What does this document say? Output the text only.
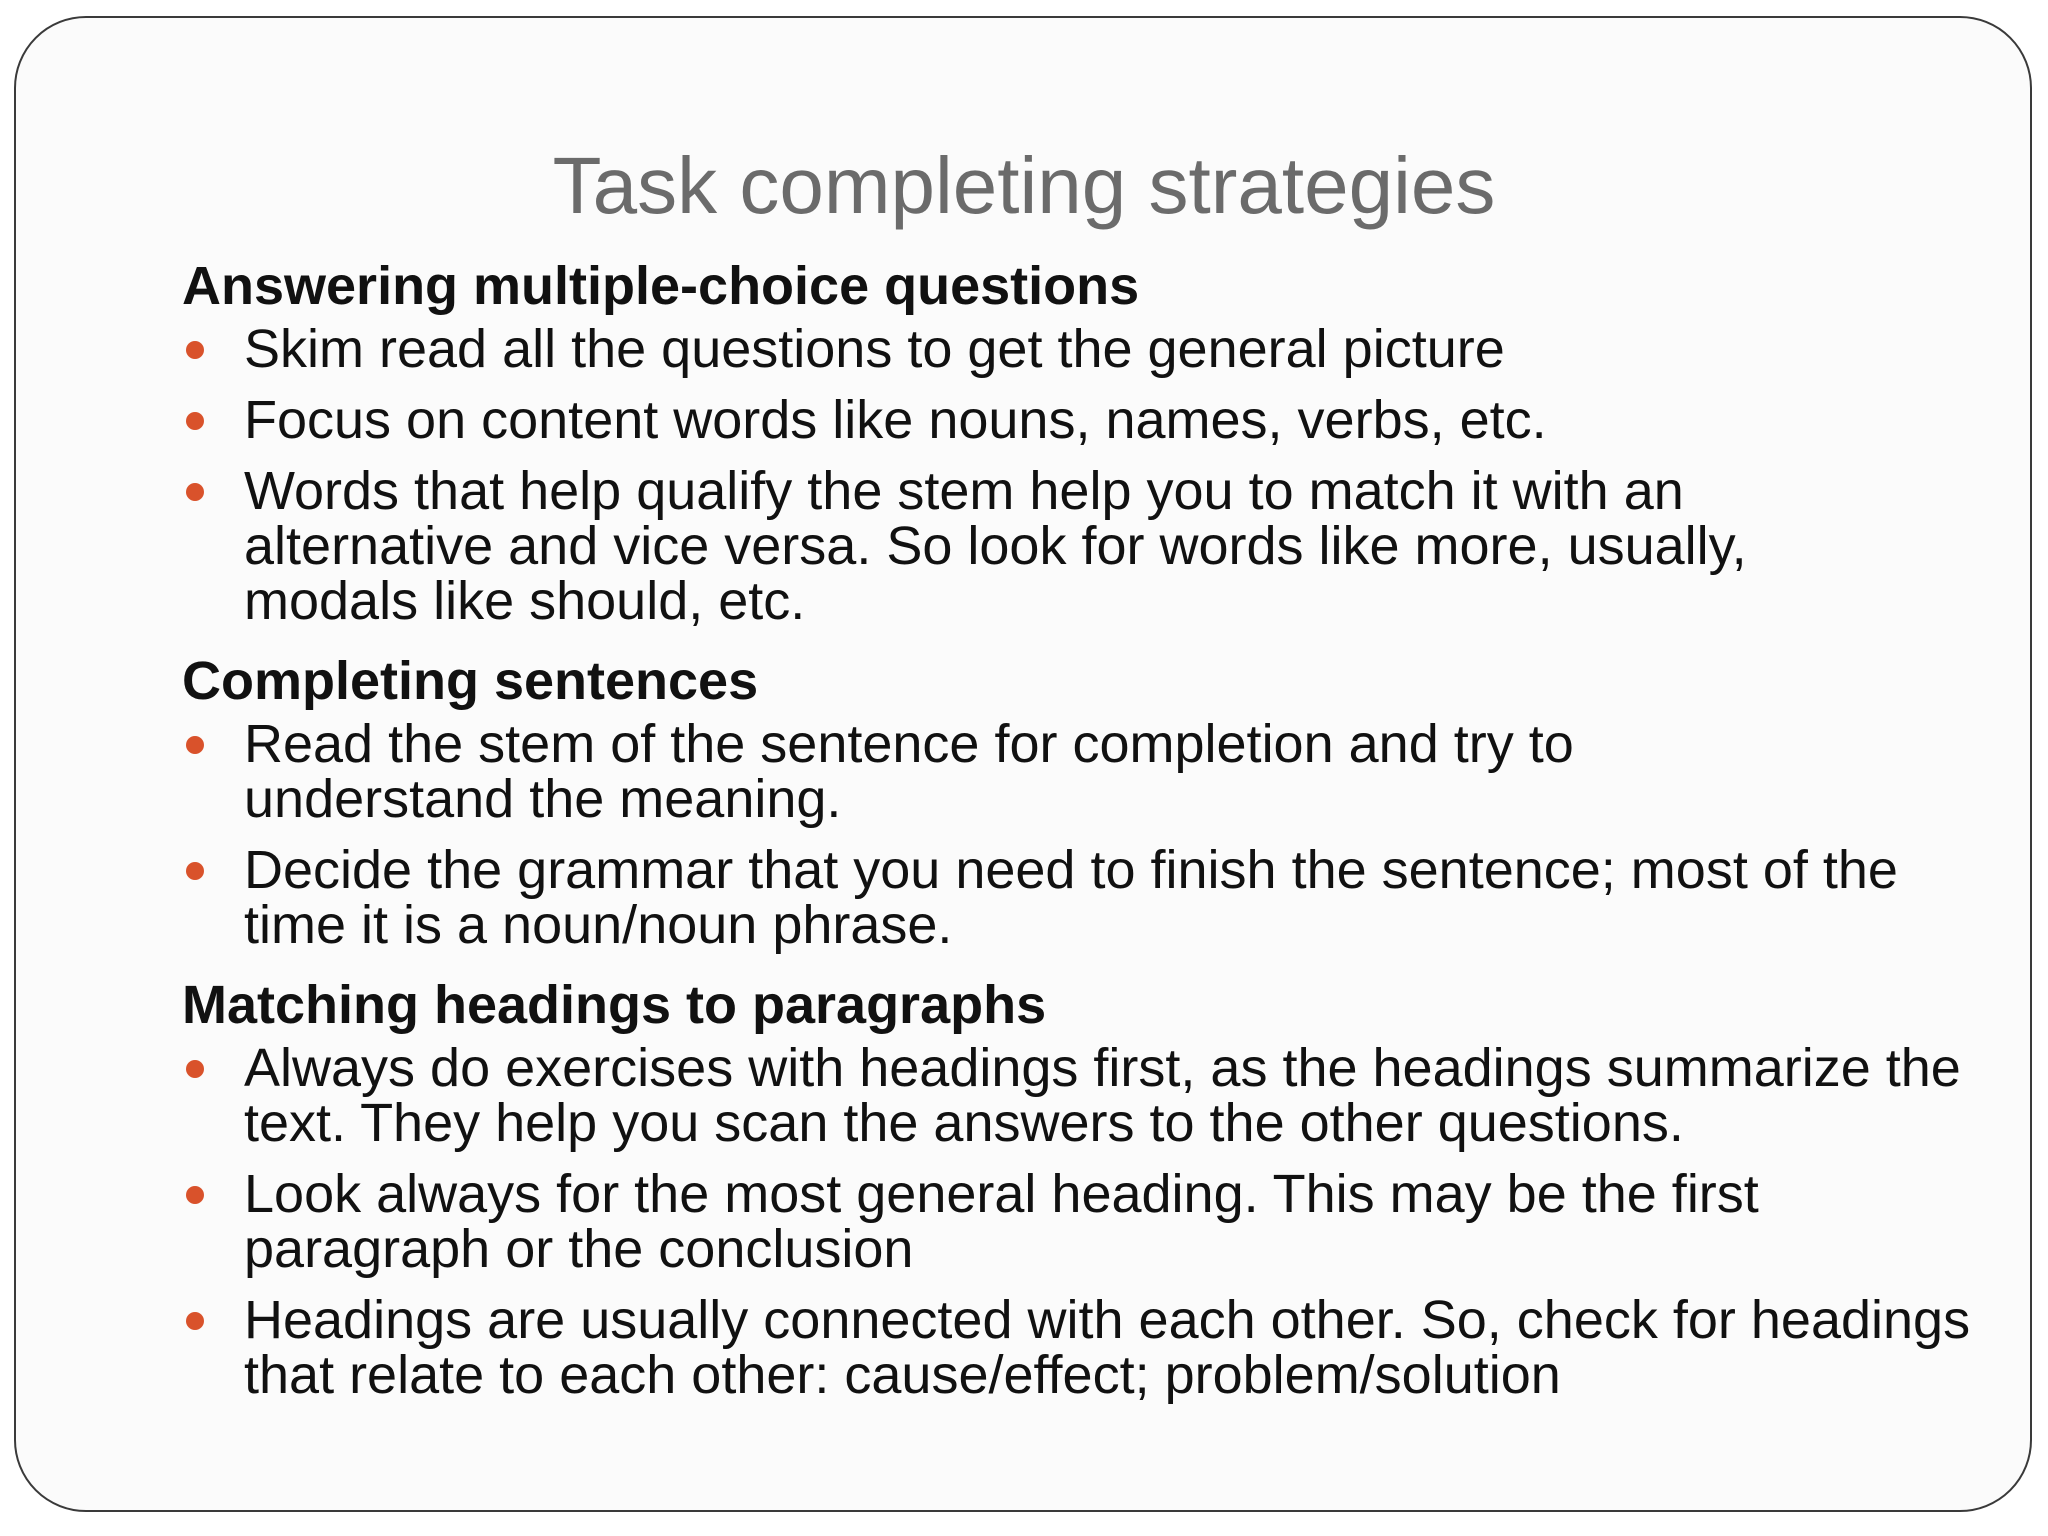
Task completing strategies
Answering multiple-choice questions
Skim read all the questions to get the general picture
Focus on content words like nouns, names, verbs, etc.
Words that help qualify the stem help you to match it with an alternative and vice versa. So look for words like more, usually, modals like should, etc.
Completing sentences
Read the stem of the sentence for completion and try to understand the meaning.
Decide the grammar that you need to finish the sentence; most of the time it is a noun/noun phrase.
Matching headings to paragraphs
Always do exercises with headings first, as the headings summarize the text. They help you scan the answers to the other questions.
Look always for the most general heading. This may be the first paragraph or the conclusion
Headings are usually connected with each other. So, check for headings that relate to each other: cause/effect; problem/solution
